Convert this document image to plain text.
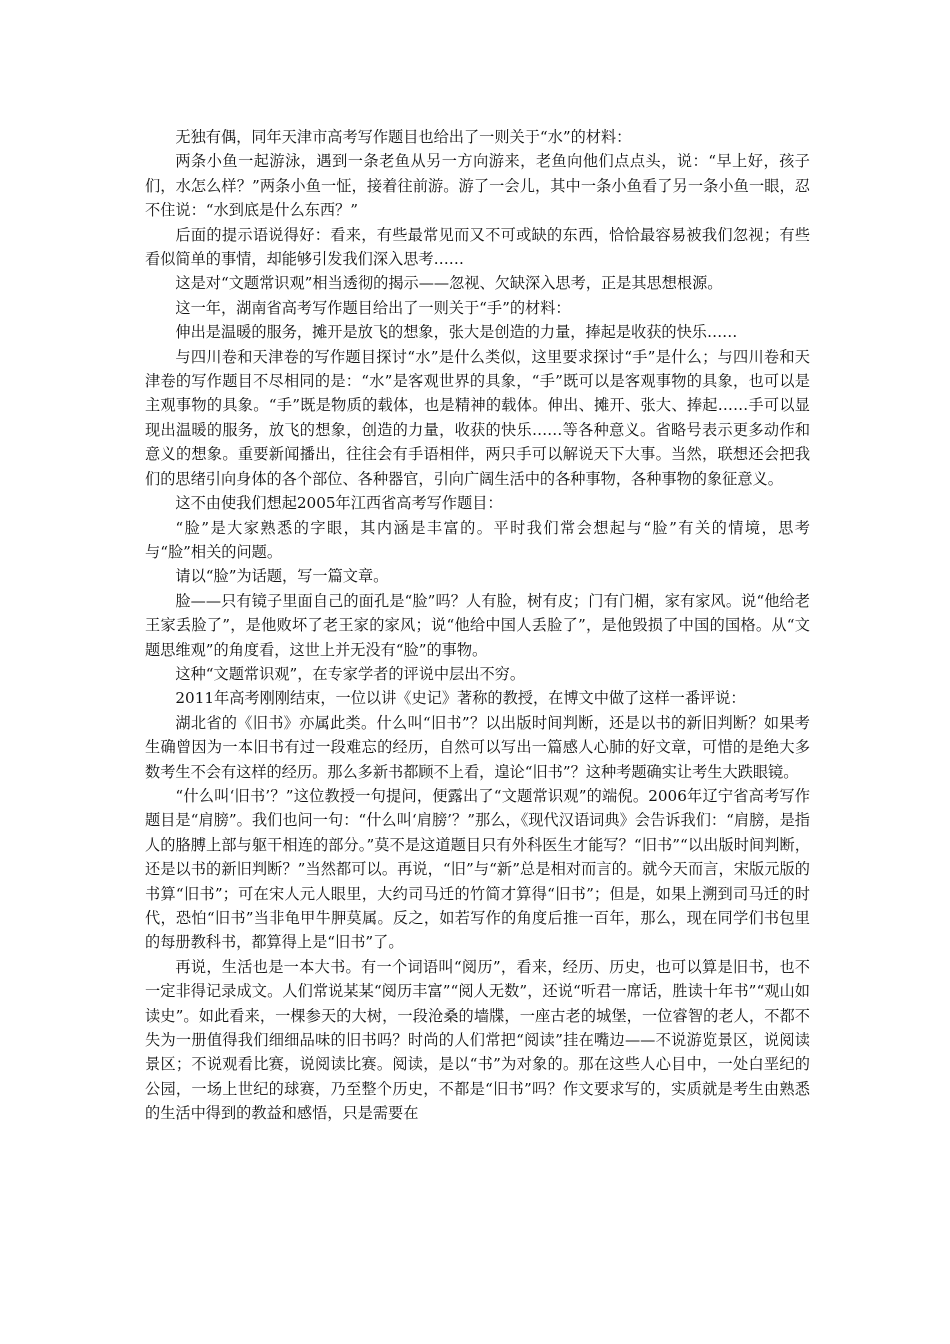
无独有偶，同年天津市高考写作题目也给出了一则关于“水”的材料：

两条小鱼一起游泳，遇到一条老鱼从另一方向游来，老鱼向他们点点头，说：“早上好，孩子们，水怎么样？”两条小鱼一怔，接着往前游。游了一会儿，其中一条小鱼看了另一条小鱼一眼，忍不住说：“水到底是什么东西？”

后面的提示语说得好：看来，有些最常见而又不可或缺的东西，恰恰最容易被我们忽视；有些看似简单的事情，却能够引发我们深入思考……

这是对“文题常识观”相当透彻的揭示——忽视、欠缺深入思考，正是其思想根源。

这一年，湖南省高考写作题目给出了一则关于“手”的材料：

伸出是温暖的服务，摊开是放飞的想象，张大是创造的力量，捧起是收获的快乐……

与四川卷和天津卷的写作题目探讨“水”是什么类似，这里要求探讨“手”是什么；与四川卷和天津卷的写作题目不尽相同的是：“水”是客观世界的具象，“手”既可以是客观事物的具象，也可以是主观事物的具象。“手”既是物质的载体，也是精神的载体。伸出、摊开、张大、捧起……手可以显现出温暖的服务，放飞的想象，创造的力量，收获的快乐……等各种意义。省略号表示更多动作和意义的想象。重要新闻播出，往往会有手语相伴，两只手可以解说天下大事。当然，联想还会把我们的思绪引向身体的各个部位、各种器官，引向广阔生活中的各种事物，各种事物的象征意义。

这不由使我们想起2005年江西省高考写作题目：

“脸”是大家熟悉的字眼，其内涵是丰富的。平时我们常会想起与“脸”有关的情境，思考与“脸”相关的问题。

请以“脸”为话题，写一篇文章。

脸——只有镜子里面自己的面孔是“脸”吗？人有脸，树有皮；门有门楣，家有家风。说“他给老王家丢脸了”，是他败坏了老王家的家风；说“他给中国人丢脸了”，是他毁损了中国的国格。从“文题思维观”的角度看，这世上并无没有“脸”的事物。

这种“文题常识观”，在专家学者的评说中层出不穷。

2011年高考刚刚结束，一位以讲《史记》著称的教授，在博文中做了这样一番评说：

湖北省的《旧书》亦属此类。什么叫“旧书”？以出版时间判断，还是以书的新旧判断？如果考生确曾因为一本旧书有过一段难忘的经历，自然可以写出一篇感人心肺的好文章，可惜的是绝大多数考生不会有这样的经历。那么多新书都顾不上看，遑论“旧书”？这种考题确实让考生大跌眼镜。

“什么叫‘旧书’？”这位教授一句提问，便露出了“文题常识观”的端倪。2006年辽宁省高考写作题目是“肩膀”。我们也问一句：“什么叫‘肩膀’？”那么，《现代汉语词典》会告诉我们：“肩膀，是指人的胳膊上部与躯干相连的部分。”莫不是这道题目只有外科医生才能写？“旧书”“以出版时间判断，还是以书的新旧判断？”当然都可以。再说，“旧”与“新”总是相对而言的。就今天而言，宋版元版的书算“旧书”；可在宋人元人眼里，大约司马迁的竹简才算得“旧书”；但是，如果上溯到司马迁的时代，恐怕“旧书”当非龟甲牛胛莫属。反之，如若写作的角度后推一百年，那么，现在同学们书包里的每册教科书，都算得上是“旧书”了。

再说，生活也是一本大书。有一个词语叫“阅历”，看来，经历、历史，也可以算是旧书，也不一定非得记录成文。人们常说某某“阅历丰富”“阅人无数”，还说“听君一席话，胜读十年书”“观山如读史”。如此看来，一棵参天的大树，一段沧桑的墙牒，一座古老的城堡，一位睿智的老人，不都不失为一册值得我们细细品味的旧书吗？时尚的人们常把“阅读”挂在嘴边——不说游览景区，说阅读景区；不说观看比赛，说阅读比赛。阅读，是以“书”为对象的。那在这些人心目中，一处白垩纪的公园，一场上世纪的球赛，乃至整个历史，不都是“旧书”吗？作文要求写的，实质就是考生由熟悉的生活中得到的教益和感悟，只是需要在
